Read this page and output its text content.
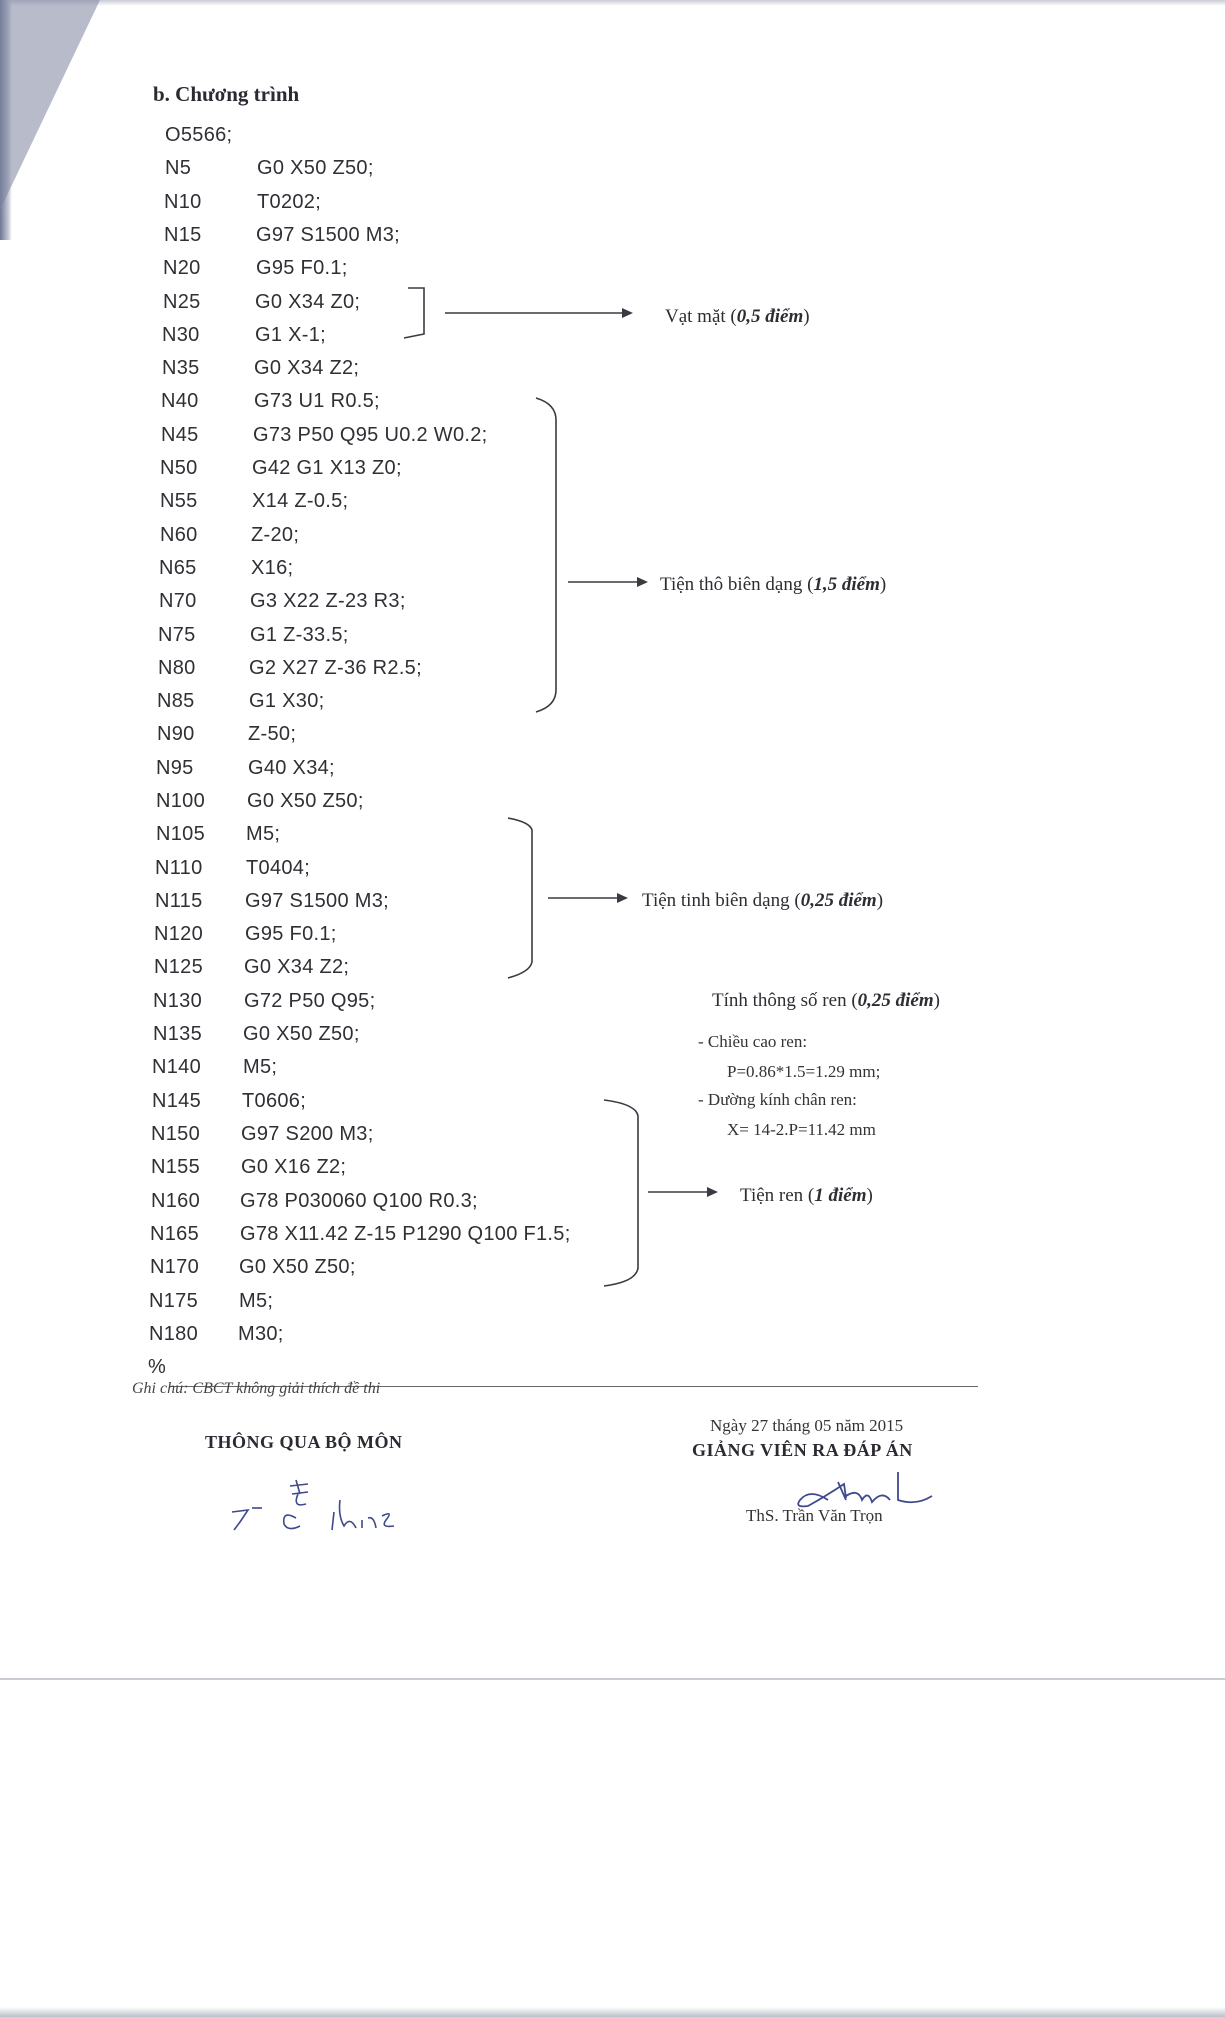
b. Chương trình
O5566;
N5	G0 X50 Z50;
N10	T0202;
N15	G97 S1500 M3;
N20	G95 F0.1;
N25	G0 X34 Z0;
N30	G1 X-1;
N35	G0 X34 Z2;
N40	G73 U1 R0.5;
N45	G73 P50 Q95 U0.2 W0.2;
N50	G42 G1 X13 Z0;
N55	X14 Z-0.5;
N60	Z-20;
N65	X16;
N70	G3 X22 Z-23 R3;
N75	G1 Z-33.5;
N80	G2 X27 Z-36 R2.5;
N85	G1 X30;
N90	Z-50;
N95	G40 X34;
N100 G0 X50 Z50;
N105 M5;
N110 T0404;
N115 G97 S1500 M3;
N120 G95 F0.1;
N125 G0 X34 Z2;
N130 G72 P50 Q95;
N135 G0 X50 Z50;
N140 M5;
N145 T0606;
N150 G97 S200 M3;
N155 G0 X16 Z2;
N160 G78 P030060 Q100 R0.3;
N165 G78 X11.42 Z-15 P1290 Q100 F1.5;
N170 G0 X50 Z50;
N175 M5;
N180 M30;
%
Vạt mặt (0,5 điểm)
Tiện thô biên dạng (1,5 điểm)
Tiện tinh biên dạng (0,25 điểm)
Tính thông số ren (0,25 điểm)
- Chiều cao ren:
P=0.86*1.5=1.29 mm;
- Dường kính chân ren:
X= 14-2.P=11.42 mm
Tiện ren (1 điểm)
Ghi chú: CBCT không giải thích đề thi
THÔNG QUA BỘ MÔN
Ngày 27 tháng 05 năm 2015
GIẢNG VIÊN RA ĐÁP ÁN
ThS. Trần Văn Trọn
